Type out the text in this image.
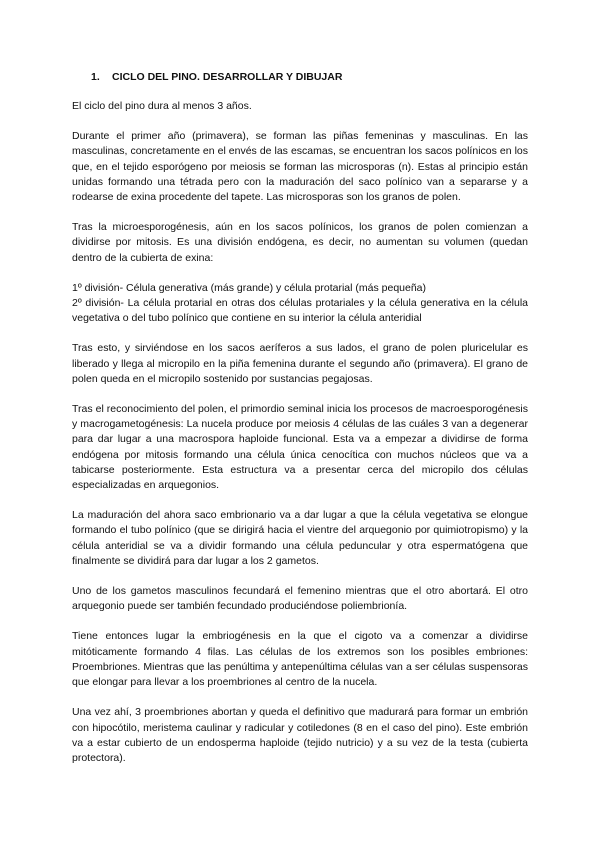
1.	CICLO DEL PINO. DESARROLLAR Y DIBUJAR

El ciclo del pino dura al menos 3 años.

Durante el primer año (primavera), se forman las piñas femeninas y masculinas. En las masculinas, concretamente en el envés de las escamas, se encuentran los sacos polínicos en los que, en el tejido esporógeno por meiosis se forman las microsporas (n). Estas al principio están unidas formando una tétrada pero con la maduración del saco polínico van a separarse y a rodearse de exina procedente del tapete. Las microsporas son los granos de polen.

Tras la microesporogénesis, aún en los sacos polínicos, los granos de polen comienzan a dividirse por mitosis. Es una división endógena, es decir, no aumentan su volumen (quedan dentro de la cubierta de exina:

1º división- Célula generativa (más grande) y célula protarial (más pequeña)

2º división- La célula protarial en otras dos células protariales y la célula generativa en la célula vegetativa o del tubo polínico que contiene en su interior la célula anteridial

Tras esto, y sirviéndose en los sacos aeríferos a sus lados, el grano de polen pluricelular es liberado y llega al micropilo en la piña femenina durante el segundo año (primavera). El grano de polen queda en el micropilo sostenido por sustancias pegajosas.

Tras el reconocimiento del polen, el primordio seminal inicia los procesos de macroesporogénesis y macrogametogénesis: La nucela produce por meiosis 4 células de las cuáles 3 van a degenerar para dar lugar a una macrospora haploide funcional. Esta va a empezar a dividirse de forma endógena por mitosis formando una célula única cenocítica con muchos núcleos que va a tabicarse posteriormente. Esta estructura va a presentar cerca del micropilo dos células especializadas en arquegonios.

La maduración del ahora saco embrionario va a dar lugar a que la célula vegetativa se elongue formando el tubo polínico (que se dirigirá hacia el vientre del arquegonio por quimiotropismo) y la célula anteridial se va a dividir formando una célula peduncular y otra espermatógena que finalmente se dividirá para dar lugar a los 2 gametos.

Uno de los gametos masculinos fecundará el femenino mientras que el otro abortará. El otro arquegonio puede ser también fecundado produciéndose poliembrionía.

Tiene entonces lugar la embriogénesis en la que el cigoto va a comenzar a dividirse mitóticamente formando 4 filas. Las células de los extremos son los posibles embriones: Proembriones. Mientras que las penúltima y antepenúltima células van a ser células suspensoras que elongar para llevar a los proembriones al centro de la nucela.

Una vez ahí, 3 proembriones abortan y queda el definitivo que madurará para formar un embrión con hipocótilo, meristema caulinar y radicular y cotiledones (8 en el caso del pino). Este embrión va a estar cubierto de un endosperma haploide (tejido nutricio) y a su vez de la testa (cubierta protectora).
